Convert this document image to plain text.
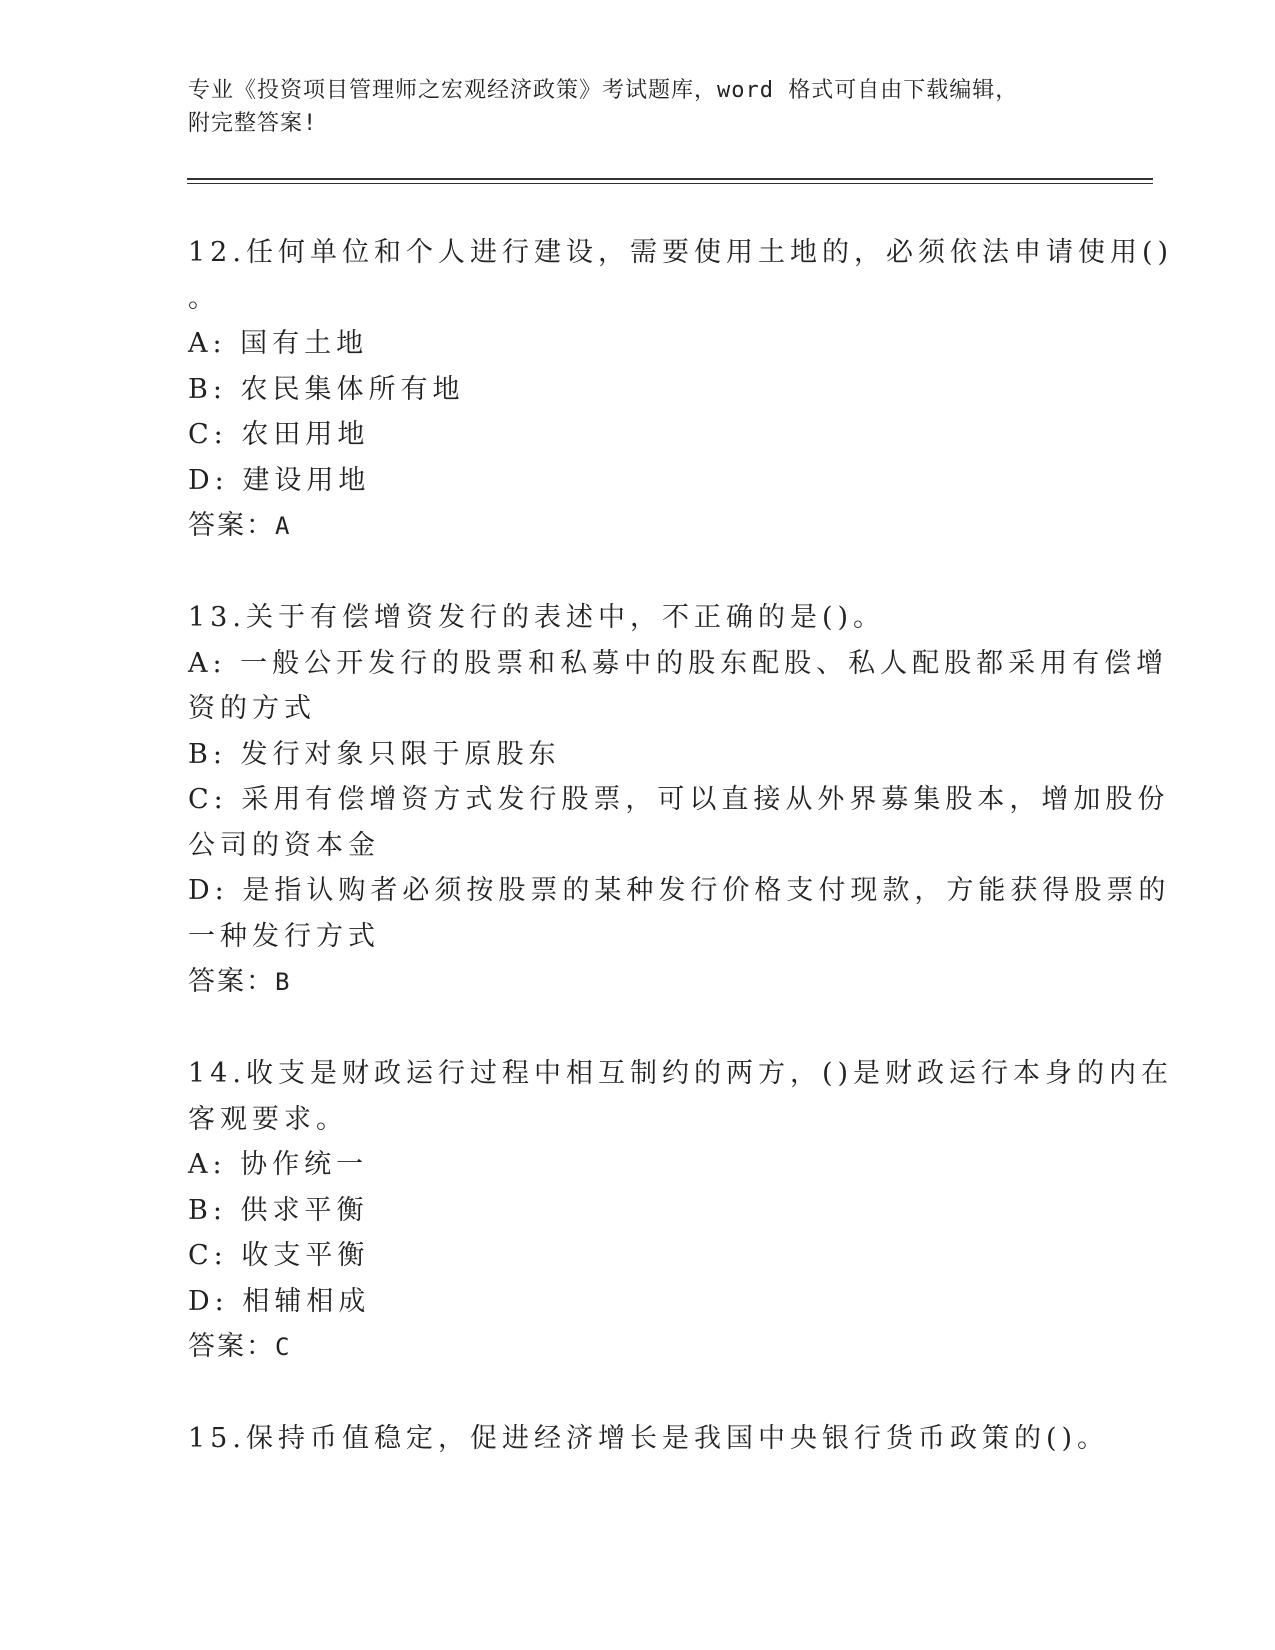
专业《投资项目管理师之宏观经济政策》考试题库，word 格式可自由下载编辑，
附完整答案!
12.任何单位和个人进行建设，需要使用土地的，必须依法申请使用()
。
A: 国有土地
B: 农民集体所有地
C: 农田用地
D: 建设用地
答案：A
13.关于有偿增资发行的表述中，不正确的是()。
A: 一般公开发行的股票和私募中的股东配股、私人配股都采用有偿增
资的方式
B: 发行对象只限于原股东
C: 采用有偿增资方式发行股票，可以直接从外界募集股本，增加股份
公司的资本金
D: 是指认购者必须按股票的某种发行价格支付现款，方能获得股票的
一种发行方式
答案：B
14.收支是财政运行过程中相互制约的两方，()是财政运行本身的内在
客观要求。
A: 协作统一
B: 供求平衡
C: 收支平衡
D: 相辅相成
答案：C
15.保持币值稳定，促进经济增长是我国中央银行货币政策的()。
